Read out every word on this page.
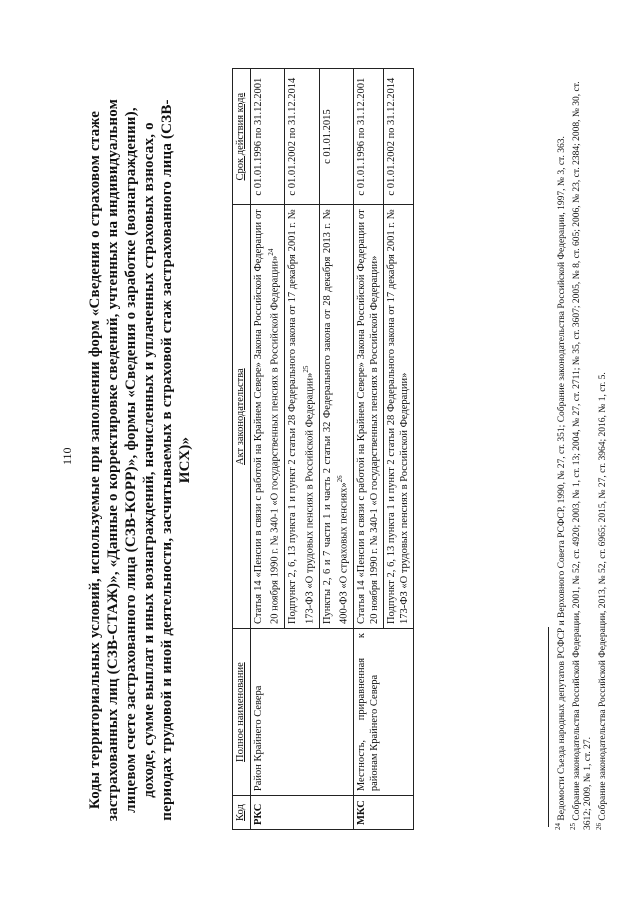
110 Коды территориальных условий, используемые при заполнении форм «Сведения о страховом стаже застрахованных лиц (СЗВ-СТАЖ)», «Данные о корректировке сведений, учтенных на индивидуальном лицевом счете застрахованного лица (СЗВ-КОРР)», формы «Сведения о заработке (вознаграждении), доходе, сумме выплат и иных вознаграждений, начисленных и уплаченных страховых взносах, о периодах трудовой и иной деятельности, засчитываемых в страховой стаж застрахованного лица (СЗВ-ИСХ)»
Код	Полное наименование	Акт законодательства	Срок действия кода
РКС	Район Крайнего Севера	Статья 14 «Пенсии в связи с работой на Крайнем Севере» Закона Российской Федерации от 20 ноября 1990 г. № 340-1 «О государственных пенсиях в Российской Федерации»$^{24}$	с 01.01.1996 по 31.12.2001
		Подпункт 2, 6, 13 пункта 1 и пункт 2 статьи 28 Федерального закона от 17 декабря 2001 г. № 173-ФЗ «О трудовых пенсиях в Российской Федерации»$^{25}$	с 01.01.2002 по 31.12.2014
		Пункты 2, 6 и 7 части 1 и часть 2 статьи 32 Федерального закона от 28 декабря 2013 г. № 400-ФЗ «О страховых пенсиях»$^{26}$	с 01.01.2015
МКС	Местность, приравненная к районам Крайнего Севера	Статья 14 «Пенсии в связи с работой на Крайнем Севере» Закона Российской Федерации от 20 ноября 1990 г. № 340-1 «О государственных пенсиях в Российской Федерации»	с 01.01.1996 по 31.12.2001
		Подпункт 2, 6, 13 пункта 1 и пункт 2 статьи 28 Федерального закона от 17 декабря 2001 г. № 173-ФЗ «О трудовых пенсиях в Российской Федерации»	с 01.01.2002 по 31.12.2014

$^{24}$ Ведомости Съезда народных депутатов РСФСР и Верховного Совета РСФСР, 1990, № 27, ст. 351; Собрание законодательства Российской Федерации, 1997, № 3, ст. 363.

$^{25}$ Собрание законодательства Российской Федерации, 2001, № 52, ст. 4920; 2003, № 1, ст. 13; 2004, № 27, ст. 2711; № 35, ст. 3607; 2005, № 8, ст. 605; 2006, № 23, ст. 2384; 2008, № 30, ст. 3612; 2009, № 1, ст. 27. $^{26}$ Собрание законодательства Российской Федерации, 2013, № 52, ст. 6965; 2015, № 27, ст. 3964; 2016, № 1, ст. 5.
